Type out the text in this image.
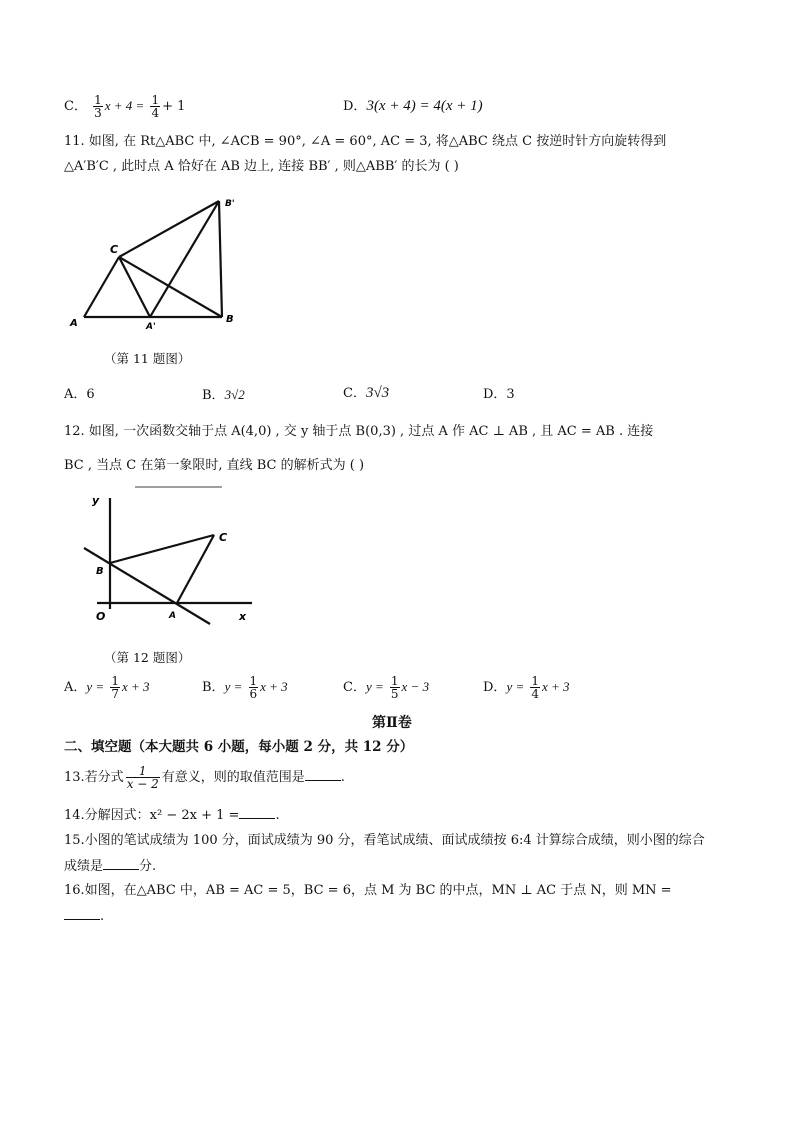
C． $\frac{1}{3}$ $x + 4 = \frac{1}{4} + 1$	D．3(x + 4) = 4(x + 1)
11. 如图, 在 Rt△ABC 中, ∠ACB = 90°, ∠A = 60°, AC = 3, 将△ABC 绕点 C 按逆时针方向旋转得到
△A′B′C , 此时点 A 恰好在 AB 边上, 连接 BB′ , 则△ABB′ 的长为 ( )
A	A'
B
C
B'
（第 11 题图）
A．6	B．3√2	C．3√3	D．3
12. 如图, 一次函数交轴于点 A(4,0) , 交 y 轴于点 B(0,3) , 过点 A 作 AC ⊥ AB , 且 AC = AB . 连接
BC , 当点 C 在第一象限时, 直线 BC 的解析式为 ( )
y
x
O
B
A
C
（第 12 题图）
A．$y = \frac{1}{7}$ x + 3	B．$y = \frac{1}{6}$ x + 3	C．$y = \frac{1}{5}$ x − 3	D．$y = \frac{1}{4}$ x + 3
第Ⅱ卷
二、填空题（本大题共 6 小题，每小题 2 分，共 12 分）
13.若分式 $\frac{1}{x - 2}$ 有意义，则的取值范围是	.
14.分解因式：x² − 2x + 1 =	.
15.小图的笔试成绩为 100 分，面试成绩为 90 分，看笔试成绩、面试成绩按 6:4 计算综合成绩，则小图的综合
成绩是	分.
16.如图，在△ABC 中，AB = AC = 5，BC = 6，点 M 为 BC 的中点，MN ⊥ AC 于点 N，则 MN =
.
